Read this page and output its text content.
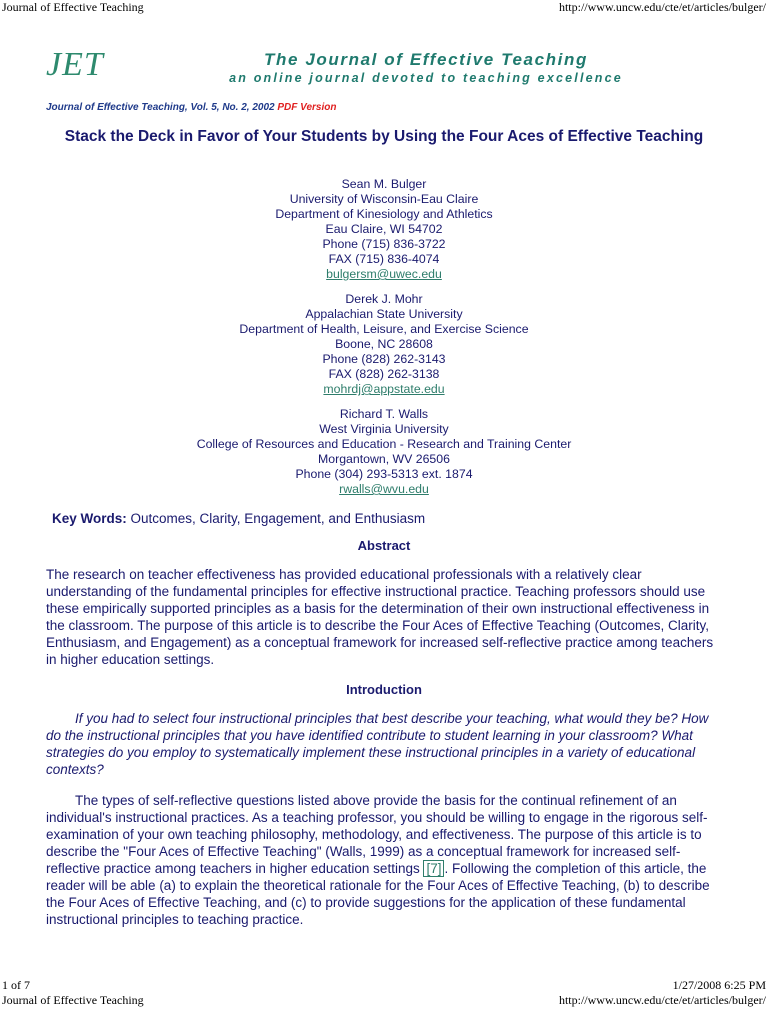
Journal of Effective Teaching	http://www.uncw.edu/cte/et/articles/bulger/
JET	The Journal of Effective Teaching
an online journal devoted to teaching excellence
Journal of Effective Teaching, Vol. 5, No. 2, 2002 PDF Version
Stack the Deck in Favor of Your Students by Using the Four Aces of Effective Teaching
Sean M. Bulger
University of Wisconsin-Eau Claire
Department of Kinesiology and Athletics
Eau Claire, WI 54702
Phone (715) 836-3722
FAX (715) 836-4074
bulgersm@uwec.edu
Derek J. Mohr
Appalachian State University
Department of Health, Leisure, and Exercise Science
Boone, NC 28608
Phone (828) 262-3143
FAX (828) 262-3138
mohrdj@appstate.edu
Richard T. Walls
West Virginia University
College of Resources and Education - Research and Training Center
Morgantown, WV 26506
Phone (304) 293-5313 ext. 1874
rwalls@wvu.edu
Key Words: Outcomes, Clarity, Engagement, and Enthusiasm
Abstract
The research on teacher effectiveness has provided educational professionals with a relatively clear understanding of the fundamental principles for effective instructional practice. Teaching professors should use these empirically supported principles as a basis for the determination of their own instructional effectiveness in the classroom. The purpose of this article is to describe the Four Aces of Effective Teaching (Outcomes, Clarity, Enthusiasm, and Engagement) as a conceptual framework for increased self-reflective practice among teachers in higher education settings.
Introduction
If you had to select four instructional principles that best describe your teaching, what would they be? How do the instructional principles that you have identified contribute to student learning in your classroom? What strategies do you employ to systematically implement these instructional principles in a variety of educational contexts?
The types of self-reflective questions listed above provide the basis for the continual refinement of an individual's instructional practices. As a teaching professor, you should be willing to engage in the rigorous self-examination of your own teaching philosophy, methodology, and effectiveness. The purpose of this article is to describe the "Four Aces of Effective Teaching" (Walls, 1999) as a conceptual framework for increased self-reflective practice among teachers in higher education settings [7] . Following the completion of this article, the reader will be able (a) to explain the theoretical rationale for the Four Aces of Effective Teaching, (b) to describe the Four Aces of Effective Teaching, and (c) to provide suggestions for the application of these fundamental instructional principles to teaching practice.
1 of 7	1/27/2008 6:25 PM
Journal of Effective Teaching	http://www.uncw.edu/cte/et/articles/bulger/
